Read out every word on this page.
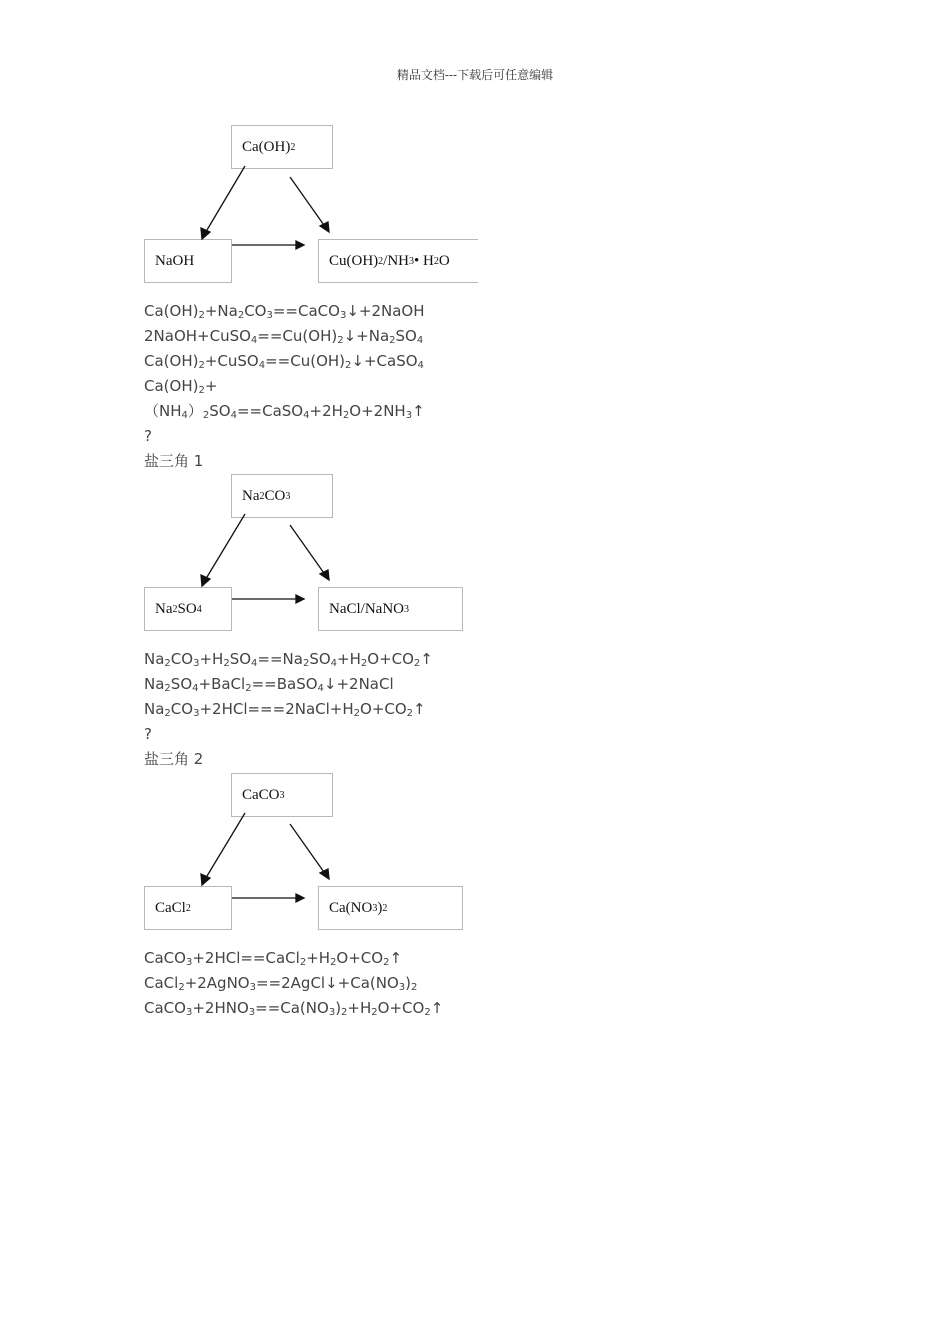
精品文档---下载后可任意编辑
Ca(OH) 2
NaOH	Cu(OH) 2 /NH 3 • H 2 O
$Ca(OH)_2+Na_2CO_3==CaCO_3↓+2NaOH$
$2NaOH+CuSO_4==Cu(OH)_2↓+Na_2SO_4$
$Ca(OH)_2+CuSO_4==Cu(OH)_2↓+CaSO_4$
$Ca(OH)_2+$
$(NH_4)_2SO_4==CaSO_4+2H_2O+2NH_3↑$
?
盐三角 1
Na 2 CO 3
Na 2 SO 4	NaCl/NaNO 3
$Na_2CO_3+H_2SO_4==Na_2SO_4+H_2O+CO_2↑$
$Na_2SO_4+BaCl_2==BaSO_4↓+2NaCl$
$Na_2CO_3+2HCl===2NaCl+H_2O+CO_2↑$
?
盐三角 2
CaCO 3
CaCl 2	Ca(NO 3 ) 2
$CaCO_3+2HCl==CaCl_2+H_2O+CO_2↑$
$CaCl_2+2AgNO_3==2AgCl↓+Ca(NO_3)_2$
$CaCO_3+2HNO_3==Ca(NO_3)_2+H_2O+CO_2↑$
